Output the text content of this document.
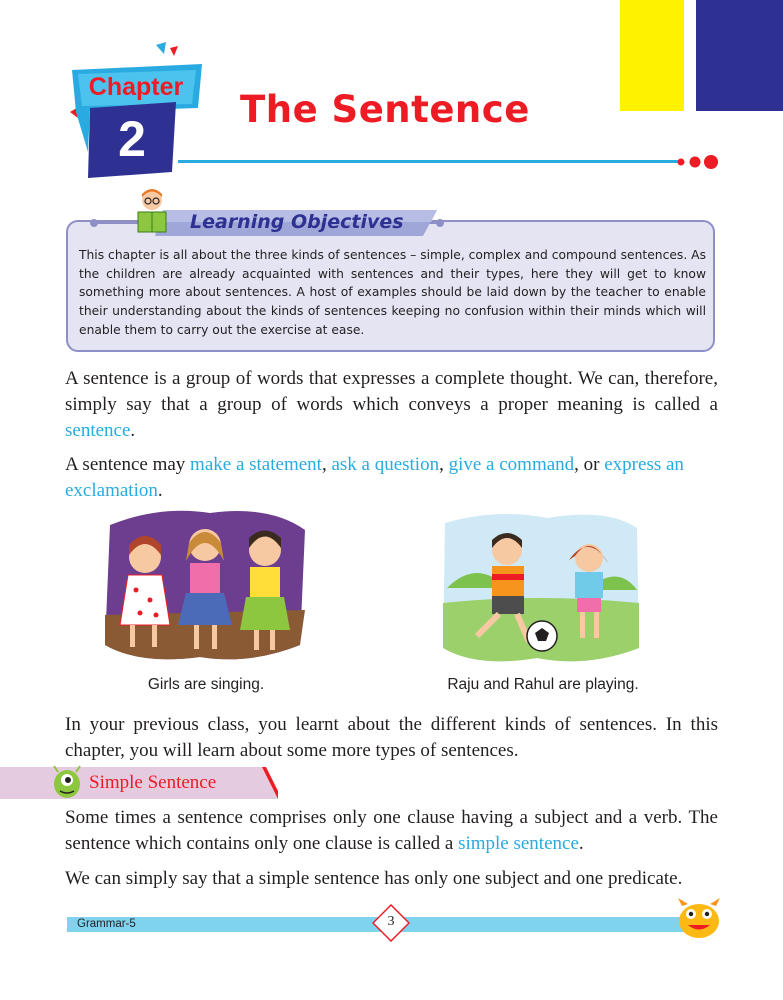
Chapter
2
The Sentence
Learning Objectives
This chapter is all about the three kinds of sentences – simple, complex and compound sentences. As the children are already acquainted with sentences and their types, here they will get to know something more about sentences. A host of examples should be laid down by the teacher to enable their understanding about the kinds of sentences keeping no confusion within their minds which will enable them to carry out the exercise at ease.

A sentence is a group of words that expresses a complete thought. We can, therefore, simply say that a group of words which conveys a proper meaning is called a sentence.

A sentence may make a statement, ask a question, give a command, or express an exclamation.

Girls are singing.	Raju and Rahul are playing.

In your previous class, you learnt about the different kinds of sentences. In this chapter, you will learn about some more types of sentences.

Simple Sentence

Some times a sentence comprises only one clause having a subject and a verb. The sentence which contains only one clause is called a simple sentence.

We can simply say that a simple sentence has only one subject and one predicate.

Grammar-5	3
